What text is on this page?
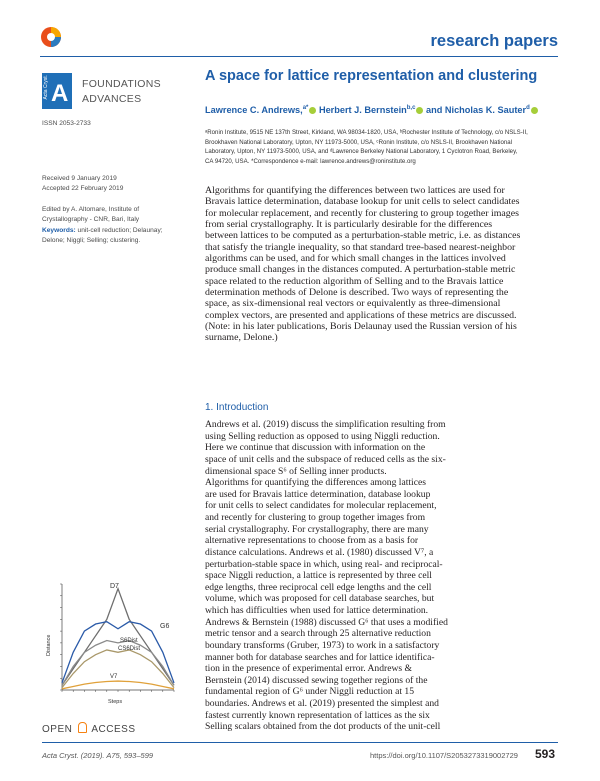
research papers
Acta Cryst. A FOUNDATIONS
ADVANCES
ISSN 2053-2733
A space for lattice representation and clustering
Lawrence C. Andrews,$^{a*}$ Herbert J. Bernstein$^{b,c}$ and Nicholas K. Sauter$^d$
ᵃRonin Institute, 9515 NE 137th Street, Kirkland, WA 98034-1820, USA, ᵇRochester Institute of Technology, c/o NSLS-II,
Brookhaven National Laboratory, Upton, NY 11973-5000, USA, ᶜRonin Institute, c/o NSLS-II, Brookhaven National
Laboratory, Upton, NY 11973-5000, USA, and ᵈLawrence Berkeley National Laboratory, 1 Cyclotron Road, Berkeley,
CA 94720, USA. *Correspondence e-mail: lawrence.andrews@roninstitute.org
Received 9 January 2019
Accepted 22 February 2019
Edited by A. Altomare, Institute of
Crystallography - CNR, Bari, Italy
Keywords: unit-cell reduction; Delaunay;
Delone; Niggli; Selling; clustering.
Algorithms for quantifying the differences between two lattices are used for
Bravais lattice determination, database lookup for unit cells to select candidates
for molecular replacement, and recently for clustering to group together images
from serial crystallography. It is particularly desirable for the differences
between lattices to be computed as a perturbation-stable metric, i.e. as distances
that satisfy the triangle inequality, so that standard tree-based nearest-neighbor
algorithms can be used, and for which small changes in the lattices involved
produce small changes in the distances computed. A perturbation-stable metric
space related to the reduction algorithm of Selling and to the Bravais lattice
determination methods of Delone is described. Two ways of representing the
space, as six-dimensional real vectors or equivalently as three-dimensional
complex vectors, are presented and applications of these metrics are discussed.
(Note: in his later publications, Boris Delaunay used the Russian version of his
surname, Delone.)
1. Introduction
Andrews et al. (2019) discuss the simplification resulting from
using Selling reduction as opposed to using Niggli reduction.
Here we continue that discussion with information on the
space of unit cells and the subspace of reduced cells as the six-
dimensional space S⁶ of Selling inner products.
Algorithms for quantifying the differences among lattices
are used for Bravais lattice determination, database lookup
for unit cells to select candidates for molecular replacement,
and recently for clustering to group together images from
serial crystallography. For crystallography, there are many
alternative representations to choose from as a basis for
distance calculations. Andrews et al. (1980) discussed V⁷, a
perturbation-stable space in which, using real- and reciprocal-
space Niggli reduction, a lattice is represented by three cell
edge lengths, three reciprocal cell edge lengths and the cell
volume, which was proposed for cell database searches, but
which has difficulties when used for lattice determination.
Andrews & Bernstein (1988) discussed G⁶ that uses a modified
metric tensor and a search through 25 alternative reduction
boundary transforms (Gruber, 1973) to work in a satisfactory
manner both for database searches and for lattice identifica-
tion in the presence of experimental error. Andrews &
Bernstein (2014) discussed sewing together regions of the
fundamental region of G⁶ under Niggli reduction at 15
boundaries. Andrews et al. (2019) presented the simplest and
fastest currently known representation of lattices as the six
Selling scalars obtained from the dot products of the unit-cell
D7
G6
S6Dist
CS6Dist
V7
Distance
Steps
OPEN ACCESS
Acta Cryst. (2019). A75, 593–599	https://doi.org/10.1107/S2053273319002729 593
